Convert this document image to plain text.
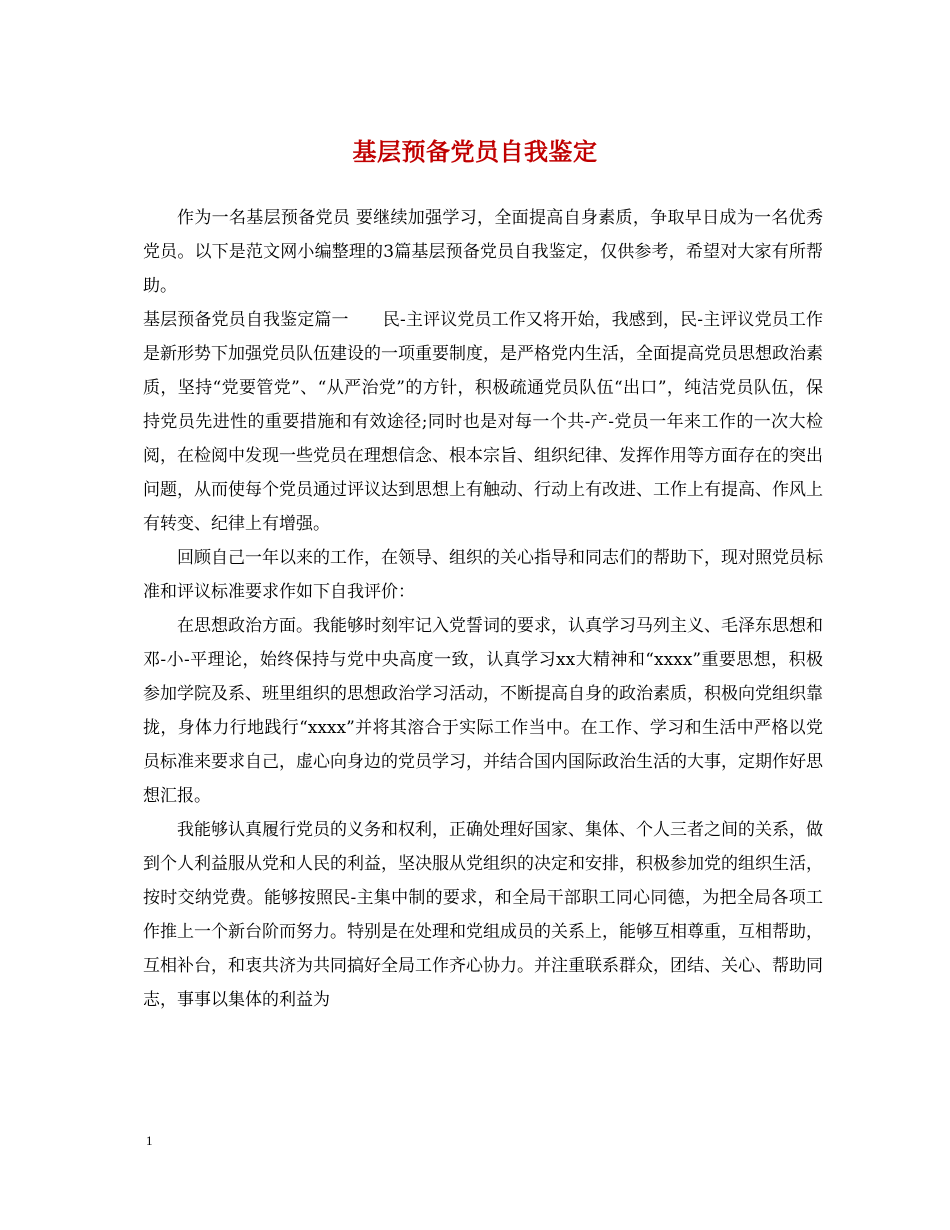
基层预备党员自我鉴定

作为一名基层预备党员 要继续加强学习，全面提高自身素质，争取早日成为一名优秀党员。以下是范文网小编整理的3篇基层预备党员自我鉴定，仅供参考，希望对大家有所帮助。

基层预备党员自我鉴定篇一　　民-主评议党员工作又将开始，我感到，民-主评议党员工作是新形势下加强党员队伍建设的一项重要制度，是严格党内生活，全面提高党员思想政治素质，坚持“党要管党”、“从严治党”的方针，积极疏通党员队伍“出口”，纯洁党员队伍，保持党员先进性的重要措施和有效途径;同时也是对每一个共-产-党员一年来工作的一次大检阅，在检阅中发现一些党员在理想信念、根本宗旨、组织纪律、发挥作用等方面存在的突出问题，从而使每个党员通过评议达到思想上有触动、行动上有改进、工作上有提高、作风上有转变、纪律上有增强。

回顾自己一年以来的工作，在领导、组织的关心指导和同志们的帮助下，现对照党员标准和评议标准要求作如下自我评价：

在思想政治方面。我能够时刻牢记入党誓词的要求，认真学习马列主义、毛泽东思想和邓-小-平理论，始终保持与党中央高度一致，认真学习xx大精神和“xxxx”重要思想，积极参加学院及系、班里组织的思想政治学习活动，不断提高自身的政治素质，积极向党组织靠拢，身体力行地践行“xxxx”并将其溶合于实际工作当中。在工作、学习和生活中严格以党员标准来要求自己，虚心向身边的党员学习，并结合国内国际政治生活的大事，定期作好思想汇报。

我能够认真履行党员的义务和权利，正确处理好国家、集体、个人三者之间的关系，做到个人利益服从党和人民的利益，坚决服从党组织的决定和安排，积极参加党的组织生活，按时交纳党费。能够按照民-主集中制的要求，和全局干部职工同心同德，为把全局各项工作推上一个新台阶而努力。特别是在处理和党组成员的关系上，能够互相尊重，互相帮助，互相补台，和衷共济为共同搞好全局工作齐心协力。并注重联系群众，团结、关心、帮助同志，事事以集体的利益为

1
